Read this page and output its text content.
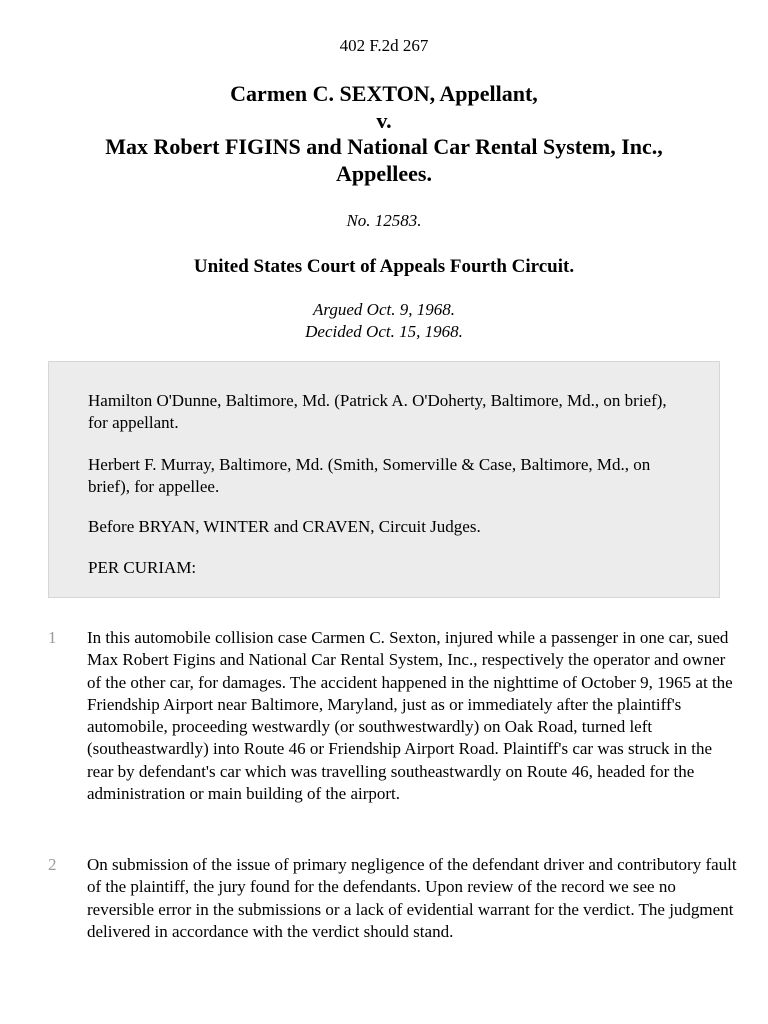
402 F.2d 267
Carmen C. SEXTON, Appellant,
v.
Max Robert FIGINS and National Car Rental System, Inc.,
Appellees.
No. 12583.
United States Court of Appeals Fourth Circuit.
Argued Oct. 9, 1968.
Decided Oct. 15, 1968.

Hamilton O'Dunne, Baltimore, Md. (Patrick A. O'Doherty, Baltimore, Md., on brief), for appellant.

Herbert F. Murray, Baltimore, Md. (Smith, Somerville & Case, Baltimore, Md., on brief), for appellee.

Before BRYAN, WINTER and CRAVEN, Circuit Judges.

PER CURIAM:

1 In this automobile collision case Carmen C. Sexton, injured while a passenger in one car, sued Max Robert Figins and National Car Rental System, Inc., respectively the operator and owner of the other car, for damages. The accident happened in the nighttime of October 9, 1965 at the Friendship Airport near Baltimore, Maryland, just as or immediately after the plaintiff's automobile, proceeding westwardly (or southwestwardly) on Oak Road, turned left (southeastwardly) into Route 46 or Friendship Airport Road. Plaintiff's car was struck in the rear by defendant's car which was travelling southeastwardly on Route 46, headed for the administration or main building of the airport.

2 On submission of the issue of primary negligence of the defendant driver and contributory fault of the plaintiff, the jury found for the defendants. Upon review of the record we see no reversible error in the submissions or a lack of evidential warrant for the verdict. The judgment delivered in accordance with the verdict should stand.
